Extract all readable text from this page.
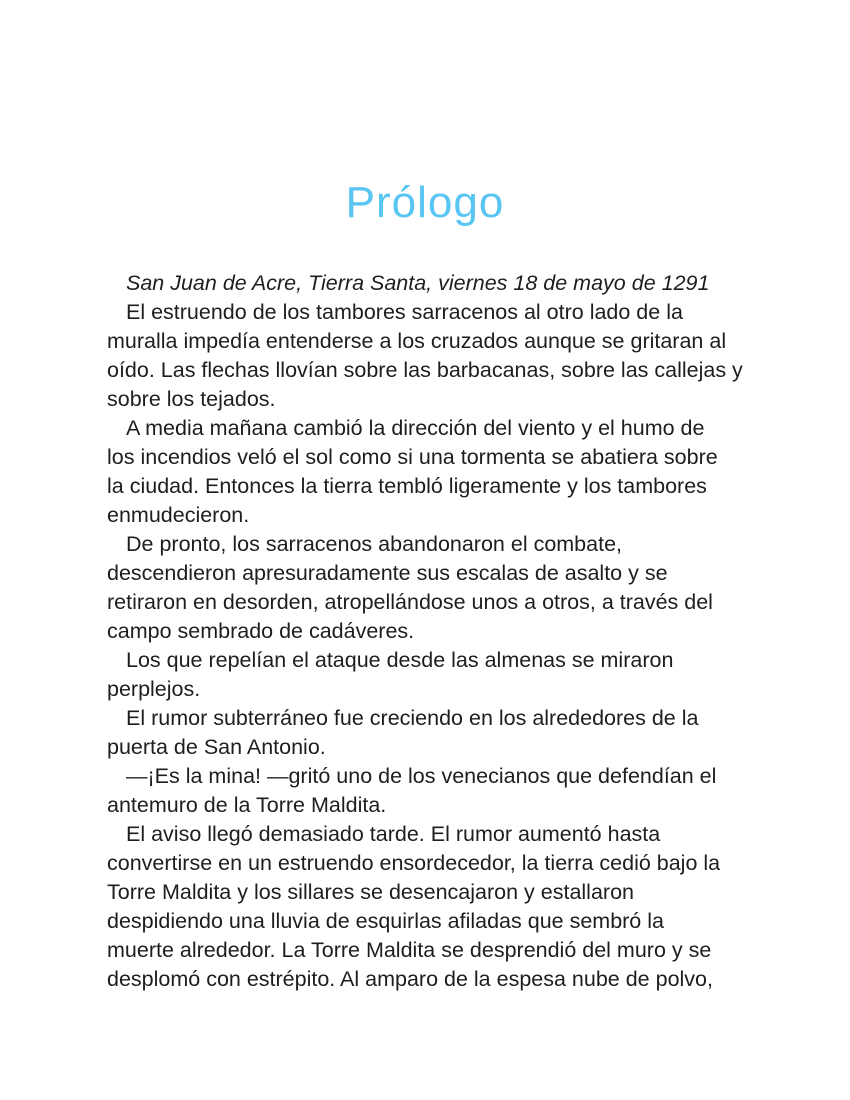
Prólogo
San Juan de Acre, Tierra Santa, viernes 18 de mayo de 1291
El estruendo de los tambores sarracenos al otro lado de la
muralla impedía entenderse a los cruzados aunque se gritaran al
oído. Las flechas llovían sobre las barbacanas, sobre las callejas y
sobre los tejados.
A media mañana cambió la dirección del viento y el humo de
los incendios veló el sol como si una tormenta se abatiera sobre
la ciudad. Entonces la tierra tembló ligeramente y los tambores
enmudecieron.
De pronto, los sarracenos abandonaron el combate,
descendieron apresuradamente sus escalas de asalto y se
retiraron en desorden, atropellándose unos a otros, a través del
campo sembrado de cadáveres.
Los que repelían el ataque desde las almenas se miraron
perplejos.
El rumor subterráneo fue creciendo en los alrededores de la
puerta de San Antonio.
—¡Es la mina! —gritó uno de los venecianos que defendían el
antemuro de la Torre Maldita.
El aviso llegó demasiado tarde. El rumor aumentó hasta
convertirse en un estruendo ensordecedor, la tierra cedió bajo la
Torre Maldita y los sillares se desencajaron y estallaron
despidiendo una lluvia de esquirlas afiladas que sembró la
muerte alrededor. La Torre Maldita se desprendió del muro y se
desplomó con estrépito. Al amparo de la espesa nube de polvo,
